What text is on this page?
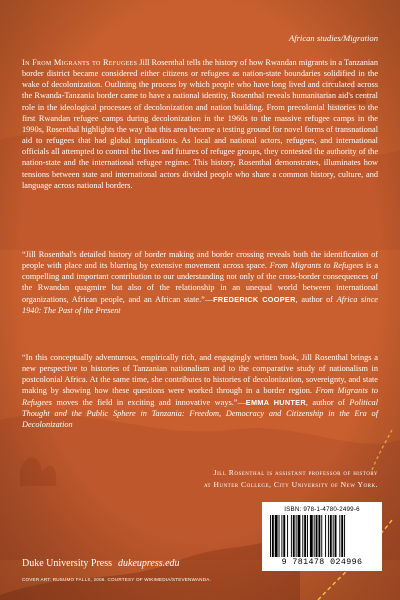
African studies/Migration

In From Migrants to Refugees Jill Rosenthal tells the history of how Rwandan migrants in a Tanzanian border district became considered either citizens or refugees as nation-state boundaries solidified in the wake of decolonization. Outlining the process by which people who have long lived and circulated across the Rwanda-Tanzania border came to have a national identity, Rosenthal reveals humanitarian aid's central role in the ideological processes of decolonization and nation building. From precolonial histories to the first Rwandan refugee camps during decolonization in the 1960s to the massive refugee camps in the 1990s, Rosenthal highlights the way that this area became a testing ground for novel forms of transnational aid to refugees that had global implications. As local and national actors, refugees, and international officials all attempted to control the lives and futures of refugee groups, they contested the authority of the nation-state and the international refugee regime. This history, Rosenthal demonstrates, illuminates how tensions between state and international actors divided people who share a common history, culture, and language across national borders.

“Jill Rosenthal's detailed history of border making and border crossing reveals both the identification of people with place and its blurring by extensive movement across space. From Migrants to Refugees is a compelling and important contribution to our understanding not only of the cross-border consequences of the Rwandan quagmire but also of the relationship in an unequal world between international organizations, African people, and an African state.”—FREDERICK COOPER, author of Africa since 1940: The Past of the Present

“In this conceptually adventurous, empirically rich, and engagingly written book, Jill Rosenthal brings a new perspective to histories of Tanzanian nationalism and to the comparative study of nationalism in postcolonial Africa. At the same time, she contributes to histories of decolonization, sovereignty, and state making by showing how these questions were worked through in a border region. From Migrants to Refugees moves the field in exciting and innovative ways.”—EMMA HUNTER, author of Political Thought and the Public Sphere in Tanzania: Freedom, Democracy and Citizenship in the Era of Decolonization

Jill Rosenthal is assistant professor of history
at Hunter College, City University of New York.
ISBN: 978-1-4780-2499-6
9 781478 024996
Duke University Press dukeupress.edu
COVER ART: RUSUMO FALLS, 2006. COURTESY OF WIKIMEDIA/STEVENWANDA.
